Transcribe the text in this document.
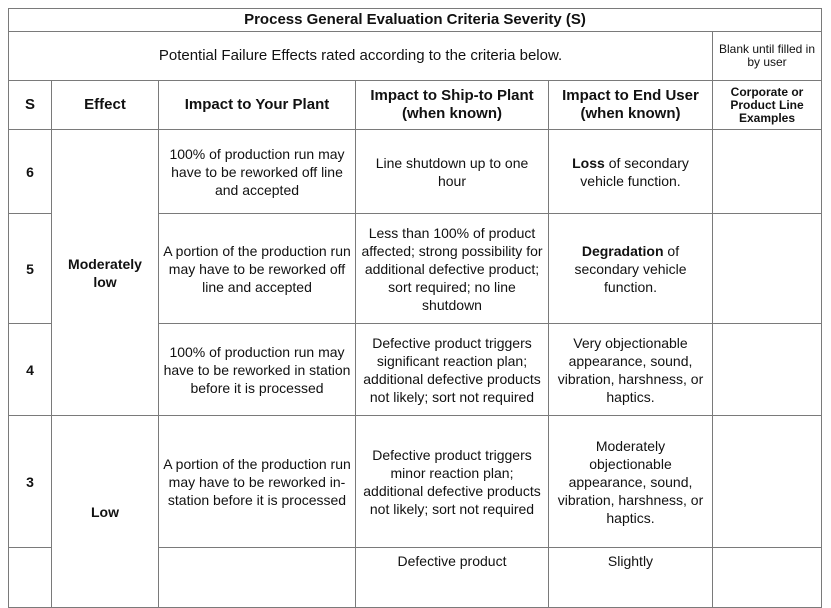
Process General Evaluation Criteria Severity (S)					
Potential Failure Effects rated according to the criteria below.					Blank until filled in by user
S	Effect	Impact to Your Plant	Impact to Ship-to Plant (when known)	Impact to End User (when known)	Corporate or Product Line Examples
6	Moderately low	100% of production run may have to be reworked off line and accepted	Line shutdown up to one hour	Loss of secondary vehicle function.	
5		A portion of the production run may have to be reworked off line and accepted	Less than 100% of product affected; strong possibility for additional defective product; sort required; no line shutdown	Degradation of secondary vehicle function.	
4		100% of production run may have to be reworked in station before it is processed	Defective product triggers significant reaction plan; additional defective products not likely; sort not required	Very objectionable appearance, sound, vibration, harshness, or haptics.	
3	Low	A portion of the production run may have to be reworked in-station before it is processed	Defective product triggers minor reaction plan; additional defective products not likely; sort not required	Moderately objectionable appearance, sound, vibration, harshness, or haptics.	
			Defective product	Slightly	
